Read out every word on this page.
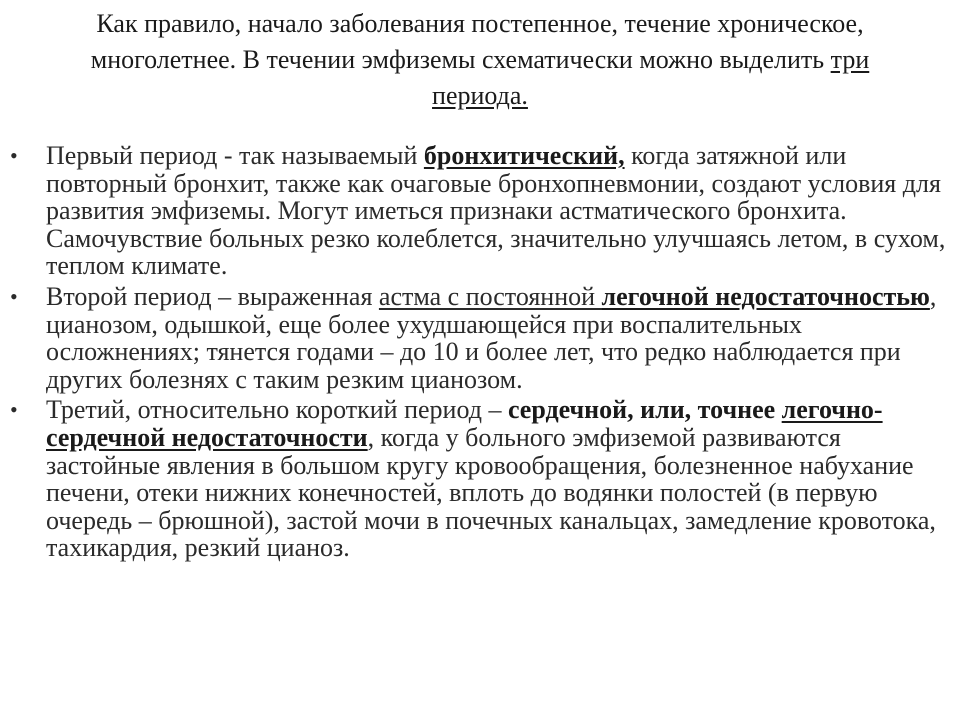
Как правило, начало заболевания постепенное, течение хроническое, многолетнее. В течении эмфиземы схематически можно выделить три периода.
• Первый период - так называемый бронхитический, когда затяжной или повторный бронхит, также как очаговые бронхопневмонии, создают условия для развития эмфиземы. Могут иметься признаки астматического бронхита. Самочувствие больных резко колеблется, значительно улучшаясь летом, в сухом, теплом климате.
• Второй период – выраженная астма с постоянной легочной недостаточностью, цианозом, одышкой, еще более ухудшающейся при воспалительных осложнениях; тянется годами – до 10 и более лет, что редко наблюдается при других болезнях с таким резким цианозом.
• Третий, относительно короткий период – сердечной, или, точнее легочно-сердечной недостаточности, когда у больного эмфиземой развиваются застойные явления в большом кругу кровообращения, болезненное набухание печени, отеки нижних конечностей, вплоть до водянки полостей (в первую очередь – брюшной), застой мочи в почечных канальцах, замедление кровотока, тахикардия, резкий цианоз.
